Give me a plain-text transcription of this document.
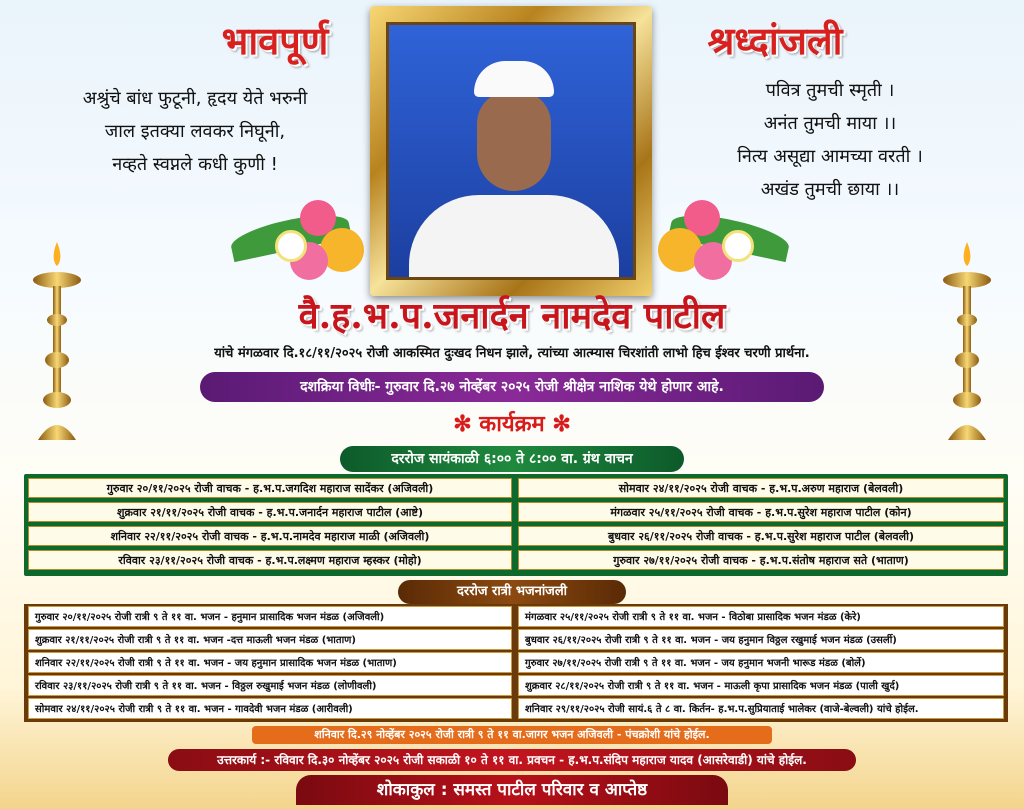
भावपूर्ण	श्रध्दांजली
अश्रुंचे बांध फुटूनी, हृदय येते भरुनी
जाल इतक्या लवकर निघूनी,
नव्हते स्वप्नले कधी कुणी !
पवित्र तुमची स्मृती ।
अनंत तुमची माया ।।
नित्य असूद्या आमच्या वरती ।
अखंड तुमची छाया ।।
वै.ह.भ.प.जनार्दन नामदेव पाटील
यांचे मंगळवार दि.१८/११/२०२५ रोजी आकस्मित दुःखद निधन झाले, त्यांच्या आत्म्यास चिरशांती लाभो हिच ईश्वर चरणी प्रार्थना.
दशक्रिया विधीः- गुरुवार दि.२७ नोव्हेंबर २०२५ रोजी श्रीक्षेत्र नाशिक येथे होणार आहे.
✻ कार्यक्रम ✻
दररोज सायंकाळी ६:०० ते ८:०० वा. ग्रंथ वाचन
गुरुवार २०/११/२०२५ रोजी वाचक - ह.भ.प.जगदिश महाराज सादेंकर (अजिवली)
शुक्रवार २१/११/२०२५ रोजी वाचक - ह.भ.प.जनार्दन महाराज पाटील (आष्टे)
शनिवार २२/११/२०२५ रोजी वाचक - ह.भ.प.नामदेव महाराज माळी (अजिवली)
रविवार २३/११/२०२५ रोजी वाचक - ह.भ.प.लक्ष्मण महाराज म्हस्कर (मोहो)
सोमवार २४/११/२०२५ रोजी वाचक - ह.भ.प.अरुण महाराज (बेलवली)
मंगळवार २५/११/२०२५ रोजी वाचक - ह.भ.प.सुरेश महाराज पाटील (कोन)
बुधवार २६/११/२०२५ रोजी वाचक - ह.भ.प.सुरेश महाराज पाटील (बेलवली)
गुरुवार २७/११/२०२५ रोजी वाचक - ह.भ.प.संतोष महाराज सते (भाताण)
दररोज रात्री भजनांजली
गुरुवार २०/११/२०२५ रोजी रात्री ९ ते ११ वा. भजन - हनुमान प्रासादिक भजन मंडळ (अजिवली)
शुक्रवार २१/११/२०२५ रोजी रात्री ९ ते ११ वा. भजन -दत्त माऊली भजन मंडळ (भाताण)
शनिवार २२/११/२०२५ रोजी रात्री ९ ते ११ वा. भजन - जय हनुमान प्रासादिक भजन मंडळ (भाताण)
रविवार २३/११/२०२५ रोजी रात्री ९ ते ११ वा. भजन - विठ्ठल रुखुमाई भजन मंडळ (लोणीवली)
सोमवार २४/११/२०२५ रोजी रात्री ९ ते ११ वा. भजन - गावदेवी भजन मंडळ (आरीवली)
मंगळवार २५/११/२०२५ रोजी रात्री ९ ते ११ वा. भजन - विठोबा प्रासादिक भजन मंडळ (केरे)
बुधवार २६/११/२०२५ रोजी रात्री ९ ते ११ वा. भजन - जय हनुमान विठ्ठल रखुमाई भजन मंडळ (उसर्ली)
गुरुवार २७/११/२०२५ रोजी रात्री ९ ते ११ वा. भजन - जय हनुमान भजनी भारूड मंडळ (बोर्ले)
शुक्रवार २८/११/२०२५ रोजी रात्री ९ ते ११ वा. भजन - माऊली कृपा प्रासादिक भजन मंडळ (पाली खुर्द)
शनिवार २९/११/२०२५ रोजी सायं.६ ते ८ वा. किर्तन- ह.भ.प.सुप्रियाताई भालेकर (वाजे-बेल्वली) यांचे होईल.
शनिवार दि.२९ नोव्हेंबर २०२५ रोजी रात्री ९ ते ११ वा.जागर भजन अजिवली - पंचक्रोशी यांचे होईल.
उत्तरकार्य :- रविवार दि.३० नोव्हेंबर २०२५ रोजी सकाळी १० ते ११ वा. प्रवचन - ह.भ.प.संदिप महाराज यादव (आसरेवाडी) यांचे होईल.
शोकाकुल : समस्त पाटील परिवार व आप्तेष्ठ
